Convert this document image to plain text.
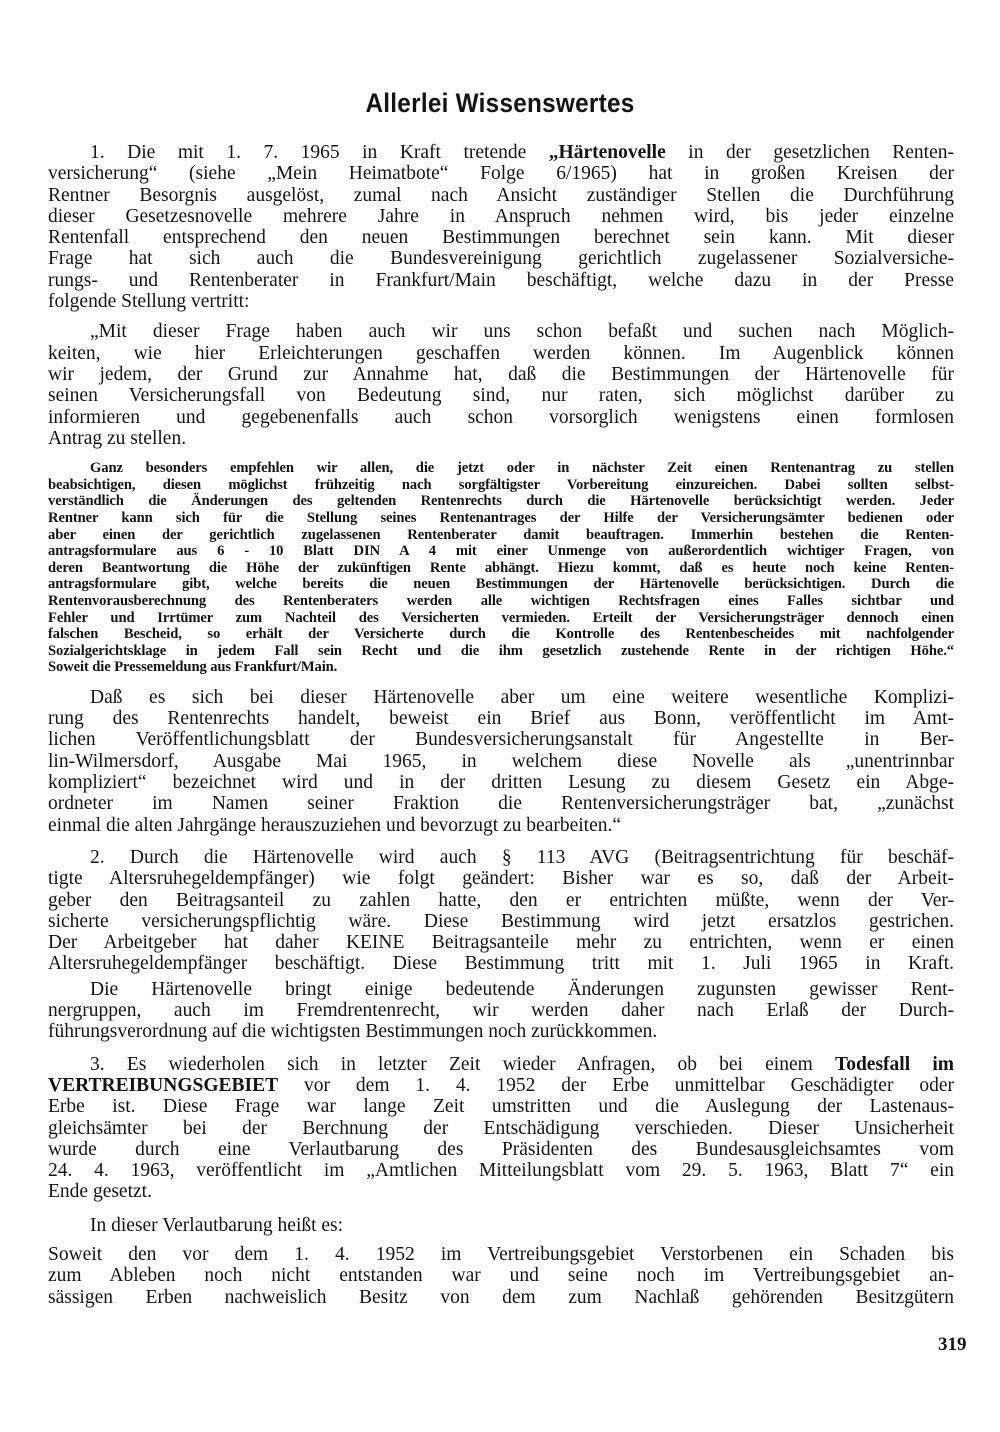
Allerlei Wissenswertes
1. Die mit 1. 7. 1965 in Kraft tretende „Härtenovelle in der gesetzlichen Renten-
versicherung“ (siehe „Mein Heimatbote“ Folge 6/1965) hat in großen Kreisen der
Rentner Besorgnis ausgelöst, zumal nach Ansicht zuständiger Stellen die Durchführung
dieser Gesetzesnovelle mehrere Jahre in Anspruch nehmen wird, bis jeder einzelne
Rentenfall entsprechend den neuen Bestimmungen berechnet sein kann. Mit dieser
Frage hat sich auch die Bundesvereinigung gerichtlich zugelassener Sozialversiche-
rungs- und Rentenberater in Frankfurt/Main beschäftigt, welche dazu in der Presse
folgende Stellung vertritt:
„Mit dieser Frage haben auch wir uns schon befaßt und suchen nach Möglich-
keiten, wie hier Erleichterungen geschaffen werden können. Im Augenblick können
wir jedem, der Grund zur Annahme hat, daß die Bestimmungen der Härtenovelle für
seinen Versicherungsfall von Bedeutung sind, nur raten, sich möglichst darüber zu
informieren und gegebenenfalls auch schon vorsorglich wenigstens einen formlosen
Antrag zu stellen.
Ganz besonders empfehlen wir allen, die jetzt oder in nächster Zeit einen Rentenantrag zu stellen
beabsichtigen, diesen möglichst frühzeitig nach sorgfältigster Vorbereitung einzureichen. Dabei sollten selbst-
verständlich die Änderungen des geltenden Rentenrechts durch die Härtenovelle berücksichtigt werden. Jeder
Rentner kann sich für die Stellung seines Rentenantrages der Hilfe der Versicherungsämter bedienen oder
aber einen der gerichtlich zugelassenen Rentenberater damit beauftragen. Immerhin bestehen die Renten-
antragsformulare aus 6 - 10 Blatt DIN A 4 mit einer Unmenge von außerordentlich wichtiger Fragen, von
deren Beantwortung die Höhe der zukünftigen Rente abhängt. Hiezu kommt, daß es heute noch keine Renten-
antragsformulare gibt, welche bereits die neuen Bestimmungen der Härtenovelle berücksichtigen. Durch die
Rentenvorausberechnung des Rentenberaters werden alle wichtigen Rechtsfragen eines Falles sichtbar und
Fehler und Irrtümer zum Nachteil des Versicherten vermieden. Erteilt der Versicherungsträger dennoch einen
falschen Bescheid, so erhält der Versicherte durch die Kontrolle des Rentenbescheides mit nachfolgender
Sozialgerichtsklage in jedem Fall sein Recht und die ihm gesetzlich zustehende Rente in der richtigen Höhe.“
Soweit die Pressemeldung aus Frankfurt/Main.
Daß es sich bei dieser Härtenovelle aber um eine weitere wesentliche Komplizi-
rung des Rentenrechts handelt, beweist ein Brief aus Bonn, veröffentlicht im Amt-
lichen Veröffentlichungsblatt der Bundesversicherungsanstalt für Angestellte in Ber-
lin-Wilmersdorf, Ausgabe Mai 1965, in welchem diese Novelle als „unentrinnbar
kompliziert“ bezeichnet wird und in der dritten Lesung zu diesem Gesetz ein Abge-
ordneter im Namen seiner Fraktion die Rentenversicherungsträger bat, „zunächst
einmal die alten Jahrgänge herauszuziehen und bevorzugt zu bearbeiten.“
2. Durch die Härtenovelle wird auch § 113 AVG (Beitragsentrichtung für beschäf-
tigte Altersruhegeldempfänger) wie folgt geändert: Bisher war es so, daß der Arbeit-
geber den Beitragsanteil zu zahlen hatte, den er entrichten müßte, wenn der Ver-
sicherte versicherungspflichtig wäre. Diese Bestimmung wird jetzt ersatzlos gestrichen.
Der Arbeitgeber hat daher KEINE Beitragsanteile mehr zu entrichten, wenn er einen
Altersruhegeldempfänger beschäftigt. Diese Bestimmung tritt mit 1. Juli 1965 in Kraft.
Die Härtenovelle bringt einige bedeutende Änderungen zugunsten gewisser Rent-
nergruppen, auch im Fremdrentenrecht, wir werden daher nach Erlaß der Durch-
führungsverordnung auf die wichtigsten Bestimmungen noch zurückkommen.
3. Es wiederholen sich in letzter Zeit wieder Anfragen, ob bei einem Todesfall im
VERTREIBUNGSGEBIET vor dem 1. 4. 1952 der Erbe unmittelbar Geschädigter oder
Erbe ist. Diese Frage war lange Zeit umstritten und die Auslegung der Lastenaus-
gleichsämter bei der Berchnung der Entschädigung verschieden. Dieser Unsicherheit
wurde durch eine Verlautbarung des Präsidenten des Bundesausgleichsamtes vom
24. 4. 1963, veröffentlicht im „Amtlichen Mitteilungsblatt vom 29. 5. 1963, Blatt 7“ ein
Ende gesetzt.
In dieser Verlautbarung heißt es:
Soweit den vor dem 1. 4. 1952 im Vertreibungsgebiet Verstorbenen ein Schaden bis
zum Ableben noch nicht entstanden war und seine noch im Vertreibungsgebiet an-
sässigen Erben nachweislich Besitz von dem zum Nachlaß gehörenden Besitzgütern
319
